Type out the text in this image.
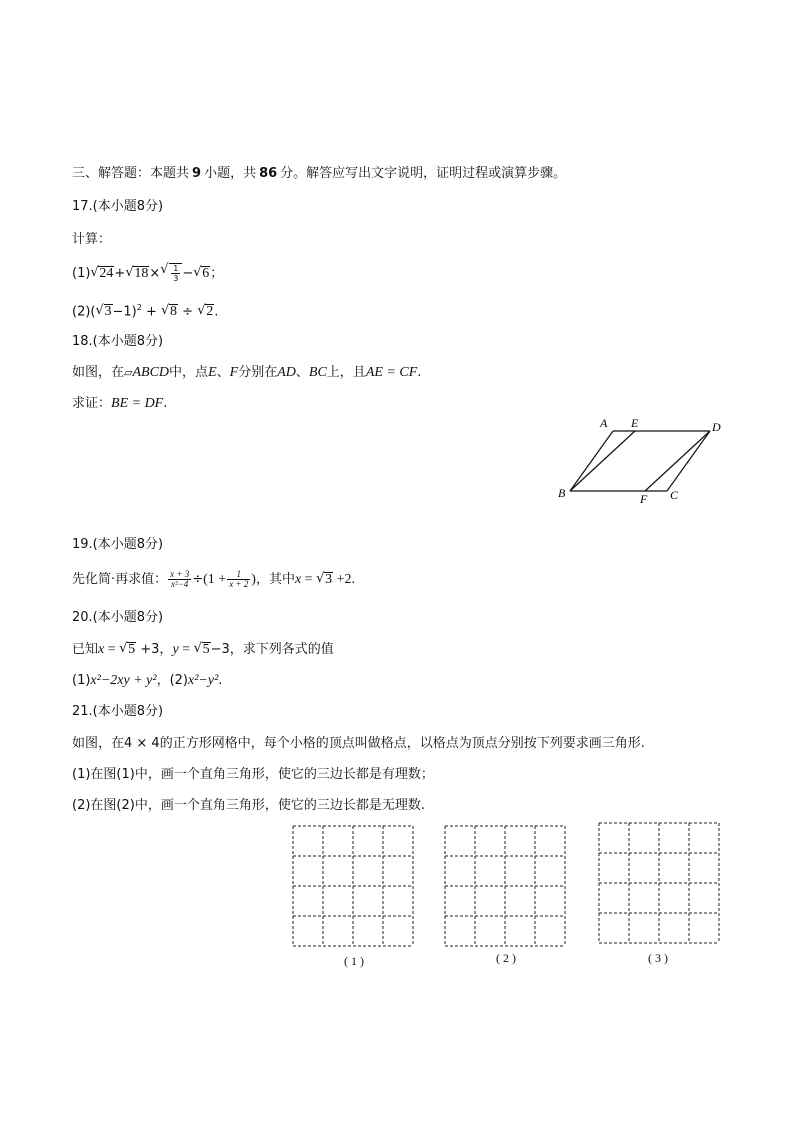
三、解答题：本题共 9 小题，共 86 分。解答应写出文字说明，证明过程或演算步骤。
17.(本小题8分)
计算：
(1) √ 24+ √ 18× √ $\frac{1}{3}$ − √ 6；
(2)( √ 3−1)$^2$ + √ 8 ÷ √ 2.
18.(本小题8分)
如图，在▱ABCD中，点E、F分别在AD、BC上，且AE = CF.
求证：BE = DF.
A E	D
B	F C
19.(本小题8分)
先化简·再求值： $\frac{x + 3}{\text{x²−4}} \div(1 + \frac{1}{x + 2}$ )，其中x = √ 3 +2.
20.(本小题8分)
已知x = √ 5 +3，y = √ 5−3，求下列各式的值
(1)x²−2xy + y²，(2)x²−y².
21.(本小题8分)
如图，在4 × 4的正方形网格中，每个小格的顶点叫做格点，以格点为顶点分别按下列要求画三角形.
(1)在图(1)中，画一个直角三角形，使它的三边长都是有理数；
(2)在图(2)中，画一个直角三角形，使它的三边长都是无理数.
( 1 )	( 2 )	( 3 )
